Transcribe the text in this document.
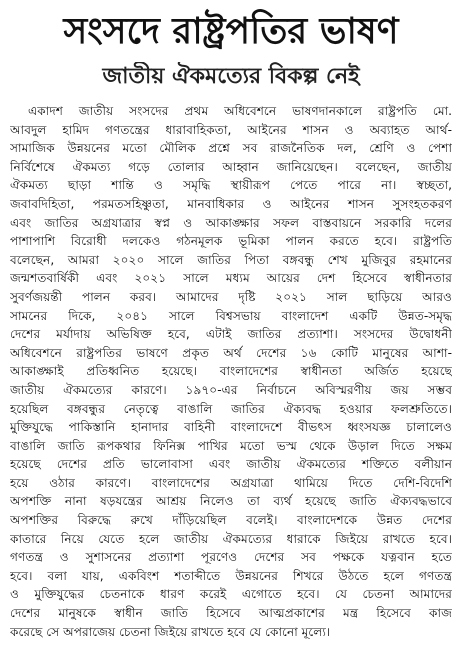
সংসদে রাষ্ট্রপতির ভাষণ
জাতীয় ঐকমত্যের বিকল্প নেই
একাদশ জাতীয় সংসদের প্রথম অধিবেশনে ভাষণদানকালে রাষ্ট্রপতি মো.
আবদুল হামিদ গণতন্ত্রের ধারাবাহিকতা, আইনের শাসন ও অব্যাহত আর্থ-
সামাজিক উন্নয়নের মতো মৌলিক প্রশ্নে সব রাজনৈতিক দল, শ্রেণি ও পেশা
নির্বিশেষে ঐকমত্য গড়ে তোলার আহ্বান জানিয়েছেন। বলেছেন, জাতীয়
ঐকমত্য ছাড়া শান্তি ও সমৃদ্ধি স্থায়ীরূপ পেতে পারে না। স্বচ্ছতা,
জবাবদিহিতা, পরমতসহিষ্ণুতা, মানবাধিকার ও আইনের শাসন সুসংহতকরণ
এবং জাতির অগ্রযাত্রার স্বপ্ন ও আকাঙ্ক্ষার সফল বাস্তবায়নে সরকারি দলের
পাশাপাশি বিরোধী দলকেও গঠনমূলক ভূমিকা পালন করতে হবে। রাষ্ট্রপতি
বলেছেন, আমরা ২০২০ সালে জাতির পিতা বঙ্গবন্ধু শেখ মুজিবুর রহমানের
জন্মশতবার্ষিকী এবং ২০২১ সালে মধ্যম আয়ের দেশ হিসেবে স্বাধীনতার
সুবর্ণজয়ন্তী পালন করব। আমাদের দৃষ্টি ২০২১ সাল ছাড়িয়ে আরও
সামনের দিকে, ২০৪১ সালে বিশ্বসভায় বাংলাদেশ একটি উন্নত-সমৃদ্ধ
দেশের মর্যাদায় অভিষিক্ত হবে, এটাই জাতির প্রত্যাশা। সংসদের উদ্বোধনী
অধিবেশনে রাষ্ট্রপতির ভাষণে প্রকৃত অর্থ দেশের ১৬ কোটি মানুষের আশা-
আকাঙ্ক্ষাই প্রতিধ্বনিত হয়েছে। বাংলাদেশের স্বাধীনতা অর্জিত হয়েছে
জাতীয় ঐকমত্যের কারণে। ১৯৭০-এর নির্বাচনে অবিস্মরণীয় জয় সম্ভব
হয়েছিল বঙ্গবন্ধুর নেতৃত্বে বাঙালি জাতির ঐক্যবদ্ধ হওয়ার ফলশ্রুতিতে।
মুক্তিযুদ্ধে পাকিস্তানি হানাদার বাহিনী বাংলাদেশে বীভৎস ধ্বংসযজ্ঞ চালালেও
বাঙালি জাতি রূপকথার ফিনিক্স পাখির মতো ভস্ম থেকে উড়াল দিতে সক্ষম
হয়েছে দেশের প্রতি ভালোবাসা এবং জাতীয় ঐকমত্যের শক্তিতে বলীয়ান
হয়ে ওঠার কারণে। বাংলাদেশের অগ্রযাত্রা থামিয়ে দিতে দেশি-বিদেশি
অপশক্তি নানা ষড়যন্ত্রের আশ্রয় নিলেও তা ব্যর্থ হয়েছে জাতি ঐক্যবদ্ধভাবে
অপশক্তির বিরুদ্ধে রুখে দাঁড়িয়েছিল বলেই। বাংলাদেশকে উন্নত দেশের
কাতারে নিয়ে যেতে হলে জাতীয় ঐকমত্যের ধারাকে জিইয়ে রাখতে হবে।
গণতন্ত্র ও সুশাসনের প্রত্যাশা পূরণেও দেশের সব পক্ষকে যত্নবান হতে
হবে। বলা যায়, একবিংশ শতাব্দীতে উন্নয়নের শিখরে উঠতে হলে গণতন্ত্র
ও মুক্তিযুদ্ধের চেতনাকে ধারণ করেই এগোতে হবে। যে চেতনা আমাদের
দেশের মানুষকে স্বাধীন জাতি হিসেবে আত্মপ্রকাশের মন্ত্র হিসেবে কাজ
করেছে সে অপরাজেয় চেতনা জিইয়ে রাখতে হবে যে কোনো মূল্যে।
